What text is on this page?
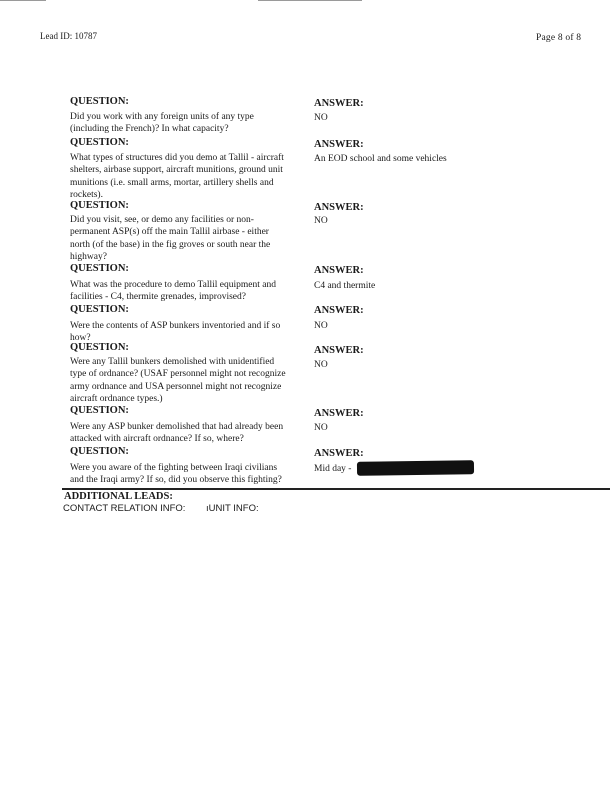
Lead ID: 10787	Page 8 of 8
QUESTION:
Did you work with any foreign units of any type
(including the French)? In what capacity?
ANSWER:
NO
QUESTION:
What types of structures did you demo at Tallil - aircraft
shelters, airbase support, aircraft munitions, ground unit
munitions (i.e. small arms, mortar, artillery shells and
rockets).
ANSWER:
An EOD school and some vehicles
QUESTION:
Did you visit, see, or demo any facilities or non-
permanent ASP(s) off the main Tallil airbase - either
north (of the base) in the fig groves or south near the
highway?
ANSWER:
NO
QUESTION:
What was the procedure to demo Tallil equipment and
facilities - C4, thermite grenades, improvised?
ANSWER:
C4 and thermite
QUESTION:
Were the contents of ASP bunkers inventoried and if so
how?
ANSWER:
NO
QUESTION:
Were any Tallil bunkers demolished with unidentified
type of ordnance? (USAF personnel might not recognize
army ordnance and USA personnel might not recognize
aircraft ordnance types.)
ANSWER:
NO
QUESTION:
Were any ASP bunker demolished that had already been
attacked with aircraft ordnance? If so, where?
ANSWER:
NO
QUESTION:
Were you aware of the fighting between Iraqi civilians
and the Iraqi army? If so, did you observe this fighting?
ANSWER:
Mid day -
ADDITIONAL LEADS:
CONTACT RELATION INFO: ıUNIT INFO:
